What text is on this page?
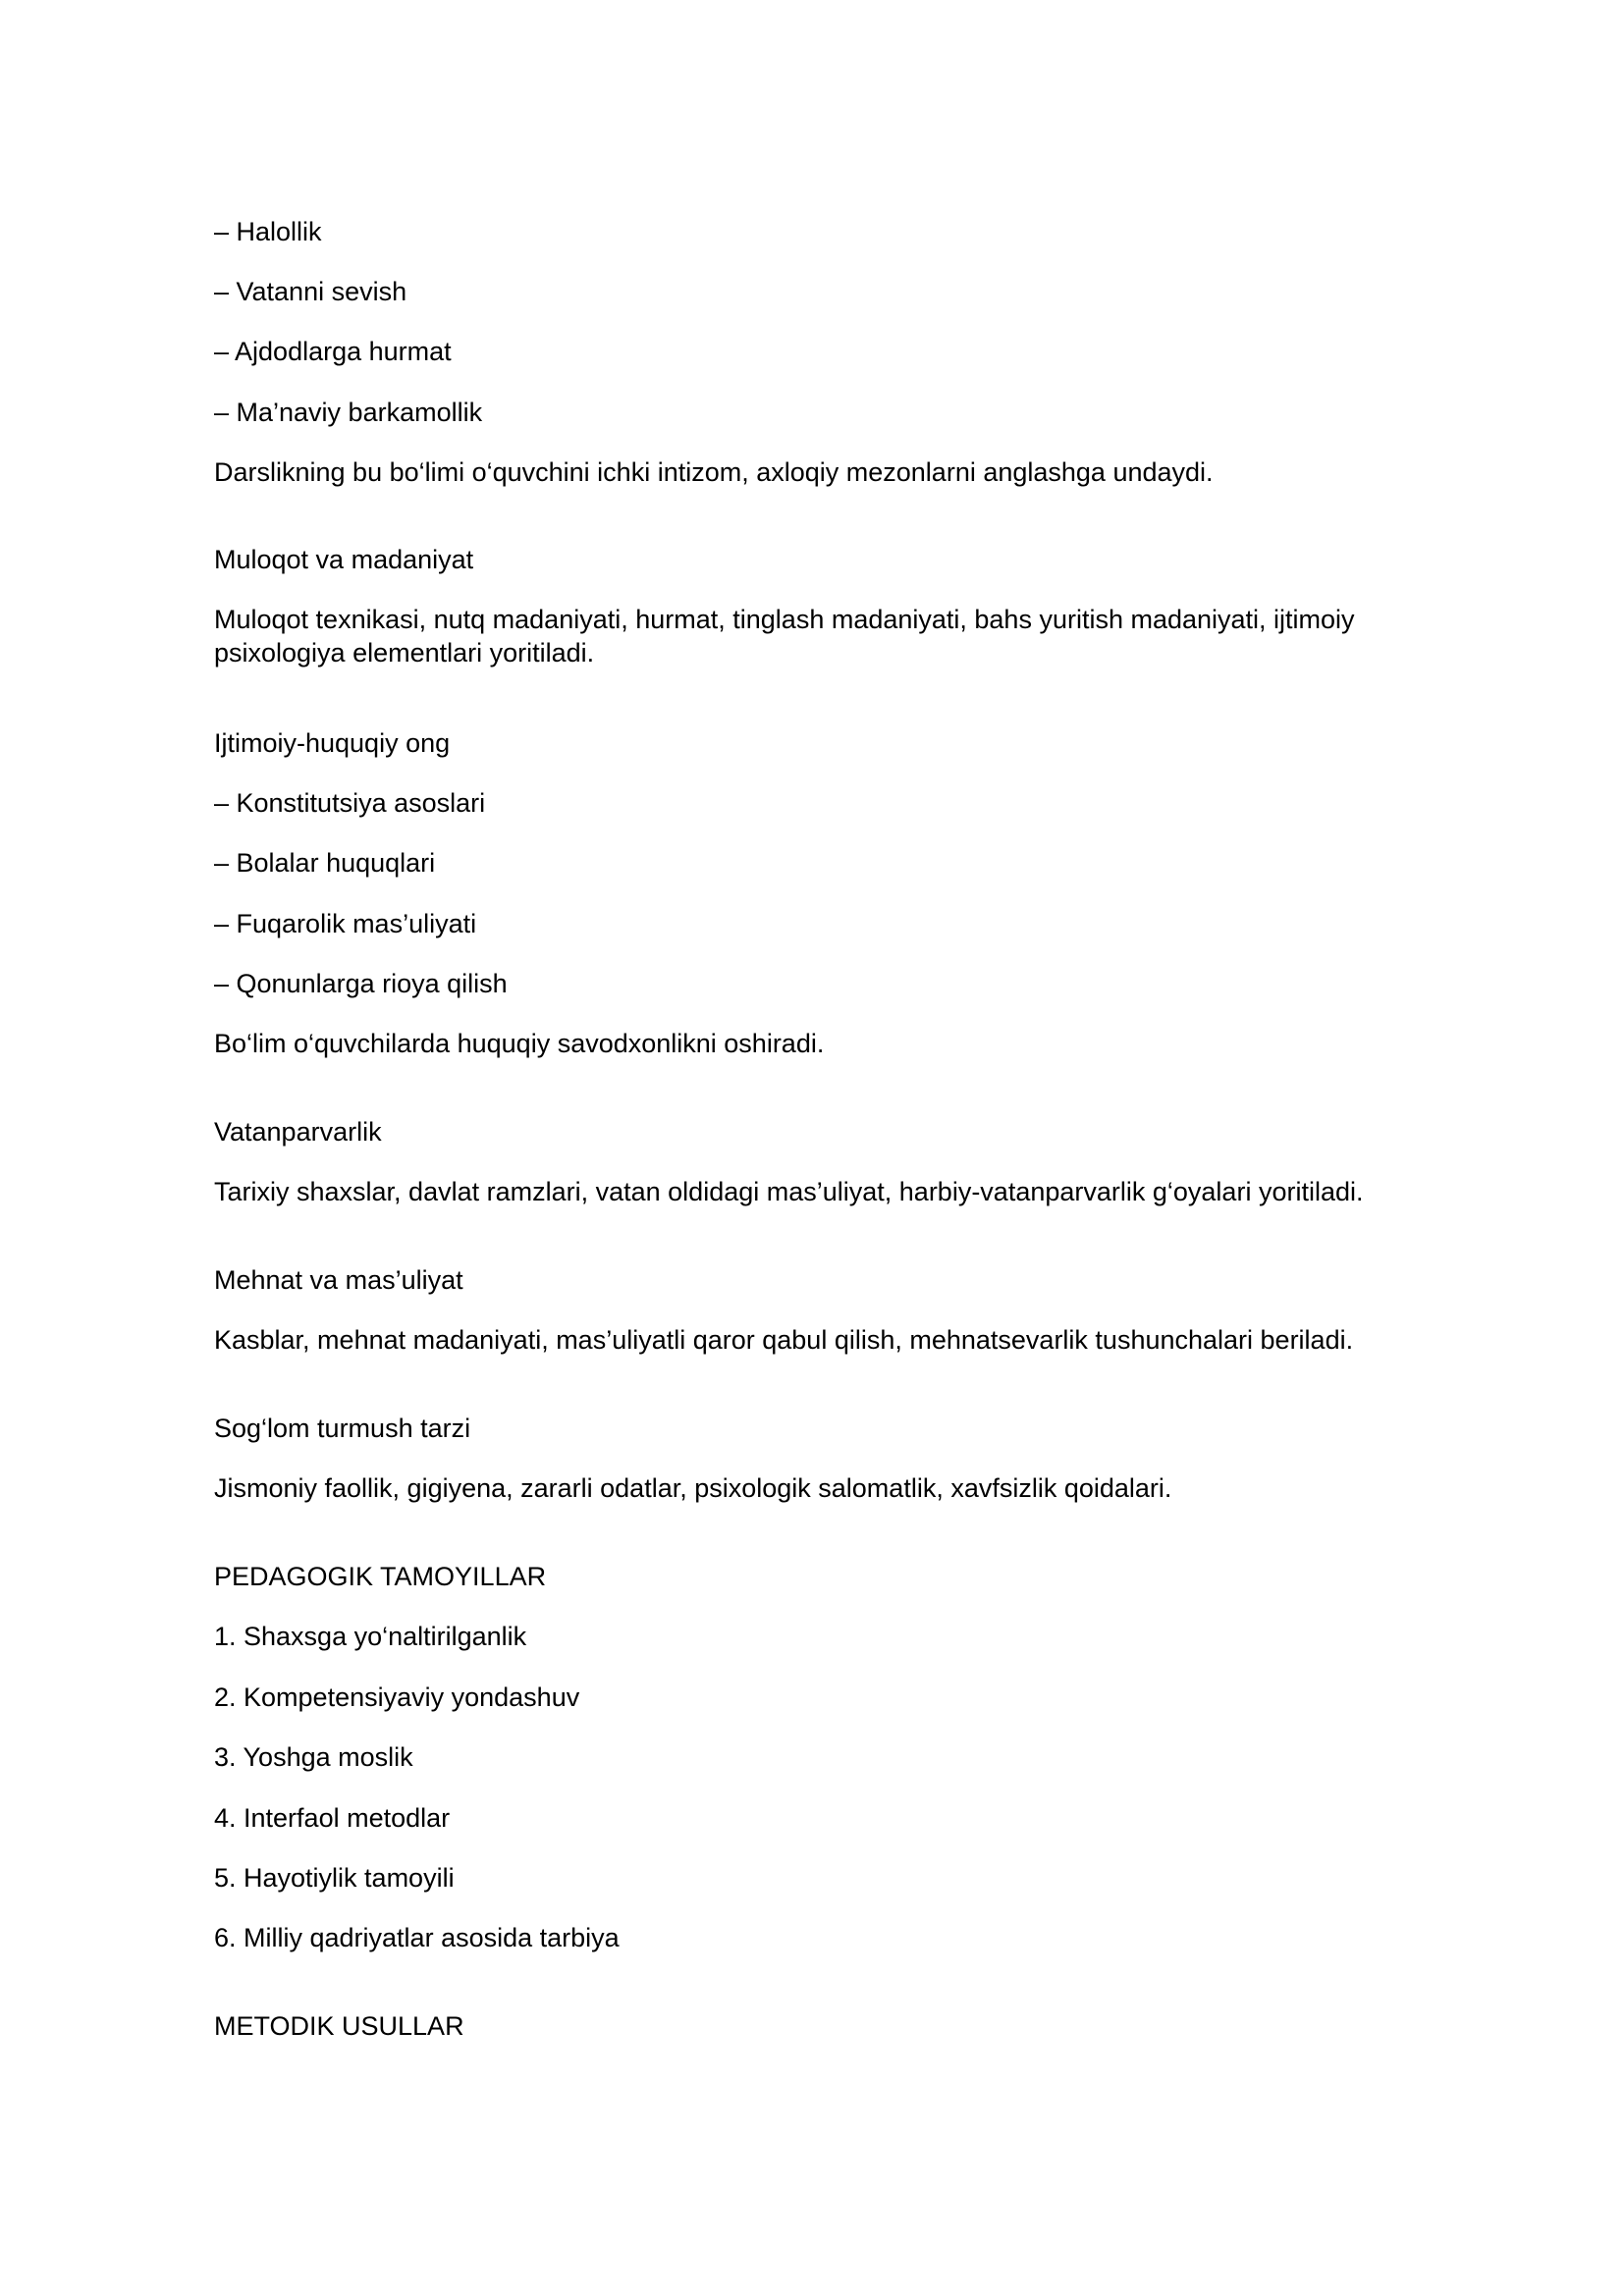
– Halollik

– Vatanni sevish

– Ajdodlarga hurmat

– Ma’naviy barkamollik

Darslikning bu bo‘limi o‘quvchini ichki intizom, axloqiy mezonlarni anglashga undaydi.

Muloqot va madaniyat

Muloqot texnikasi, nutq madaniyati, hurmat, tinglash madaniyati, bahs yuritish madaniyati, ijtimoiy psixologiya elementlari yoritiladi.

Ijtimoiy-huquqiy ong

– Konstitutsiya asoslari

– Bolalar huquqlari

– Fuqarolik mas’uliyati

– Qonunlarga rioya qilish

Bo‘lim o‘quvchilarda huquqiy savodxonlikni oshiradi.

Vatanparvarlik

Tarixiy shaxslar, davlat ramzlari, vatan oldidagi mas’uliyat, harbiy-vatanparvarlik g‘oyalari yoritiladi.

Mehnat va mas’uliyat

Kasblar, mehnat madaniyati, mas’uliyatli qaror qabul qilish, mehnatsevarlik tushunchalari beriladi.

Sog‘lom turmush tarzi

Jismoniy faollik, gigiyena, zararli odatlar, psixologik salomatlik, xavfsizlik qoidalari.

PEDAGOGIK TAMOYILLAR

1. Shaxsga yo‘naltirilganlik

2. Kompetensiyaviy yondashuv

3. Yoshga moslik

4. Interfaol metodlar

5. Hayotiylik tamoyili

6. Milliy qadriyatlar asosida tarbiya

METODIK USULLAR
